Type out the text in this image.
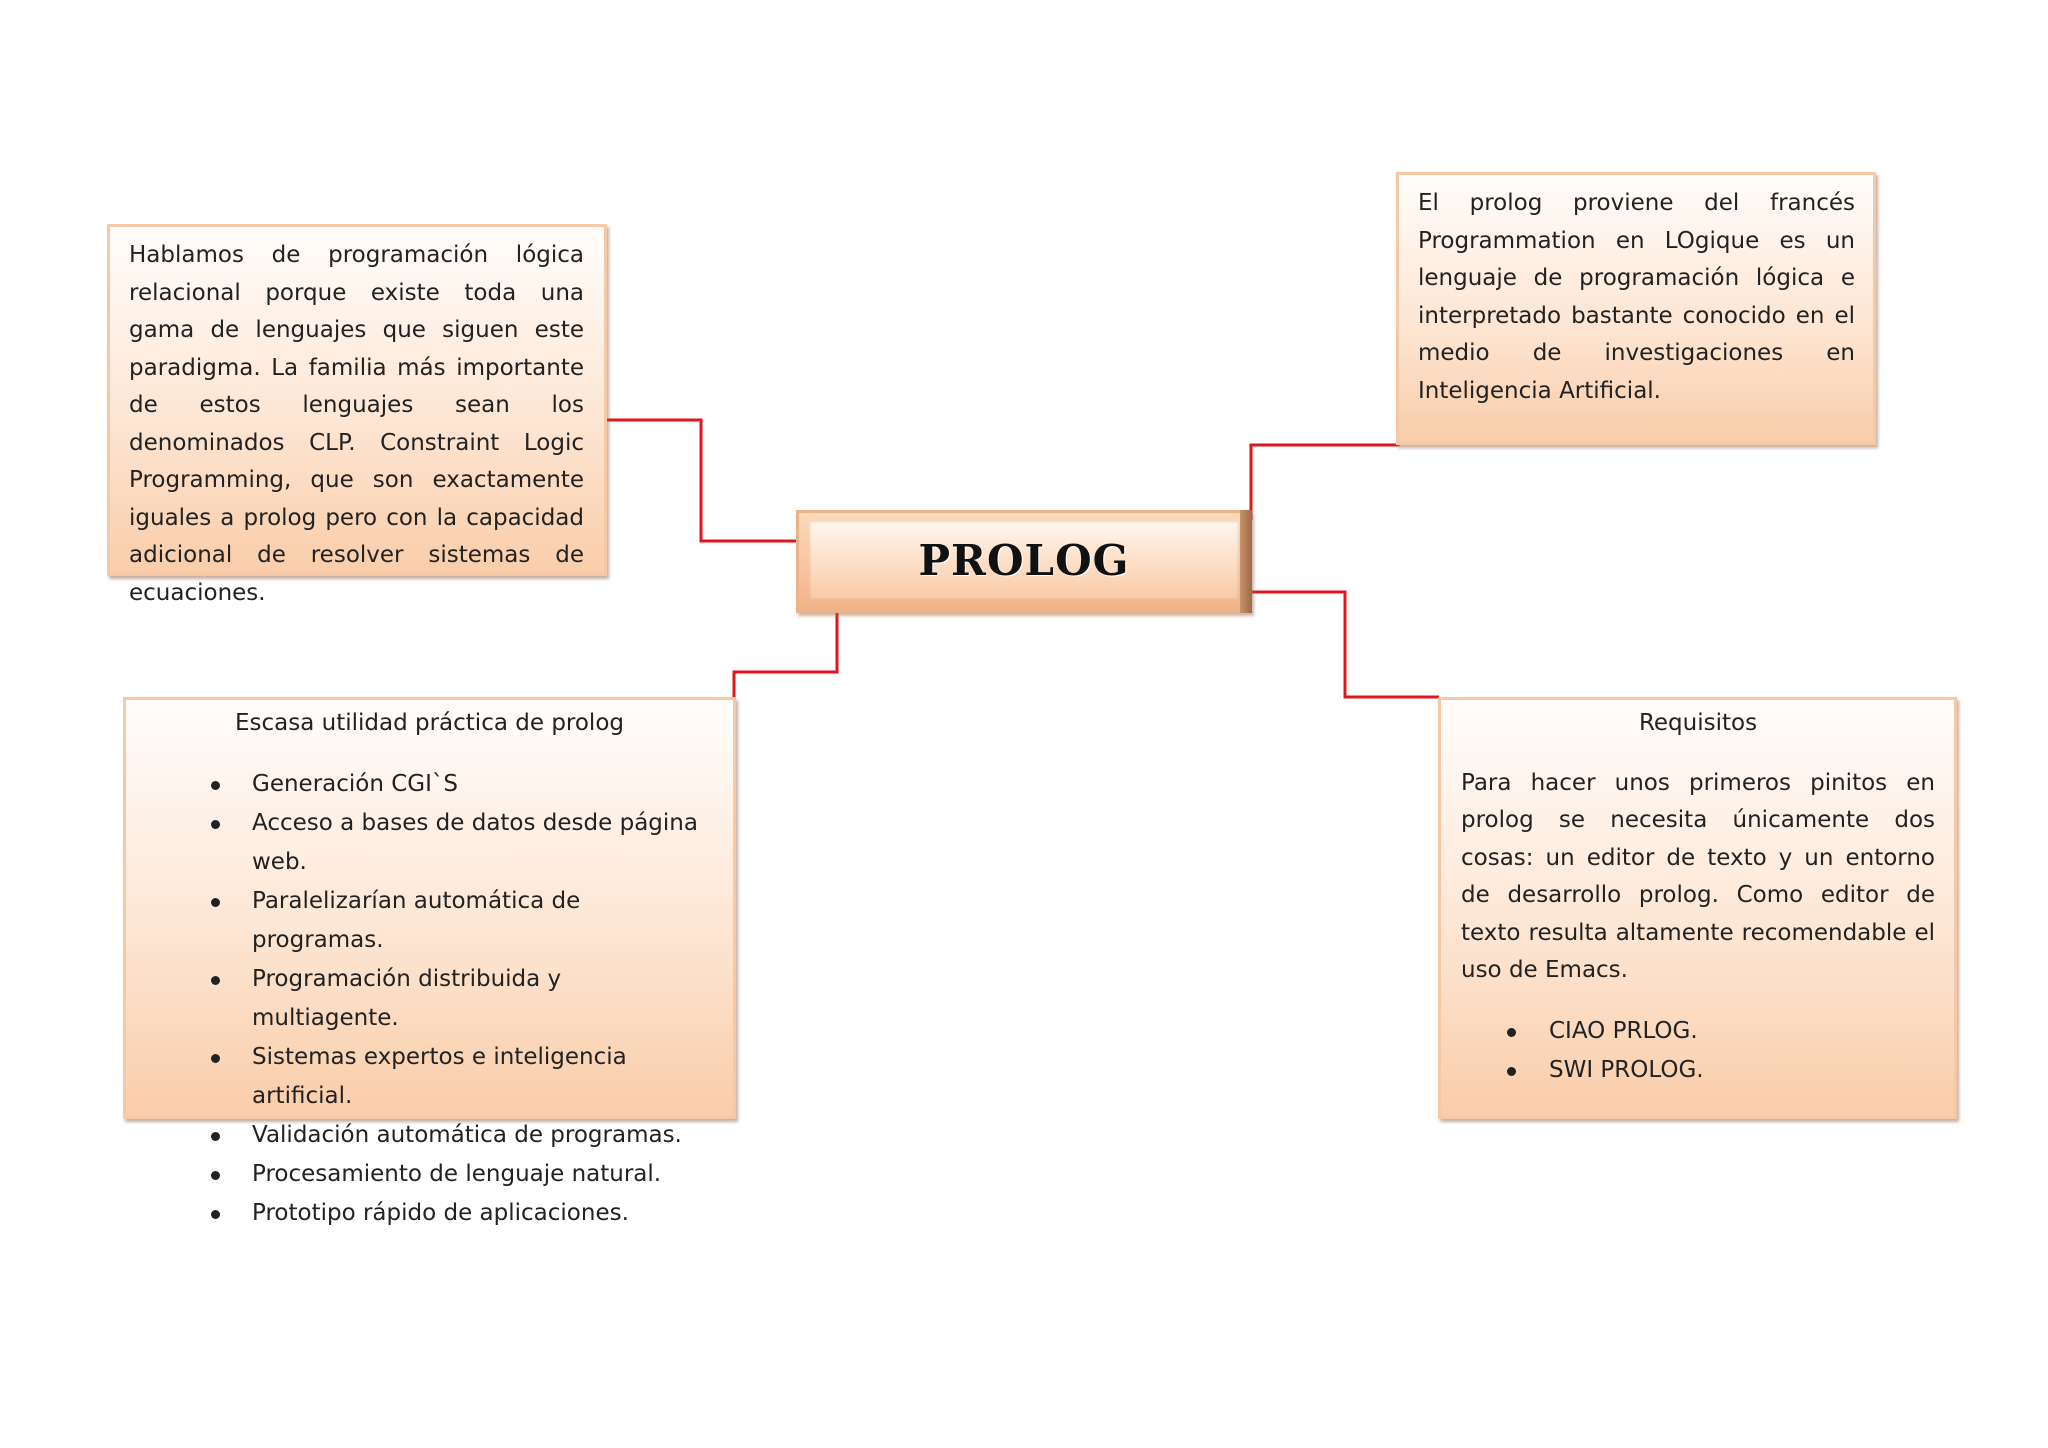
Hablamos de programación lógica relacional porque existe toda una gama de lenguajes que siguen este paradigma. La familia más importante de estos lenguajes sean los denominados CLP. Constraint Logic Programming, que son exactamente iguales a prolog pero con la capacidad adicional de resolver sistemas de ecuaciones.
El prolog proviene del francés Programmation en LOgique es un lenguaje de programación lógica e interpretado bastante conocido en el medio de investigaciones en Inteligencia Artificial.
PROLOG
Escasa utilidad práctica de prolog
Generación CGI`S
Acceso a bases de datos desde página web.
Paralelizarían automática de programas.
Programación distribuida y multiagente.
Sistemas expertos e inteligencia artificial.
Validación automática de programas.
Procesamiento de lenguaje natural.
Prototipo rápido de aplicaciones.
Requisitos
Para hacer unos primeros pinitos en prolog se necesita únicamente dos cosas: un editor de texto y un entorno de desarrollo prolog. Como editor de texto resulta altamente recomendable el uso de Emacs.
CIAO PRLOG.
SWI PROLOG.
